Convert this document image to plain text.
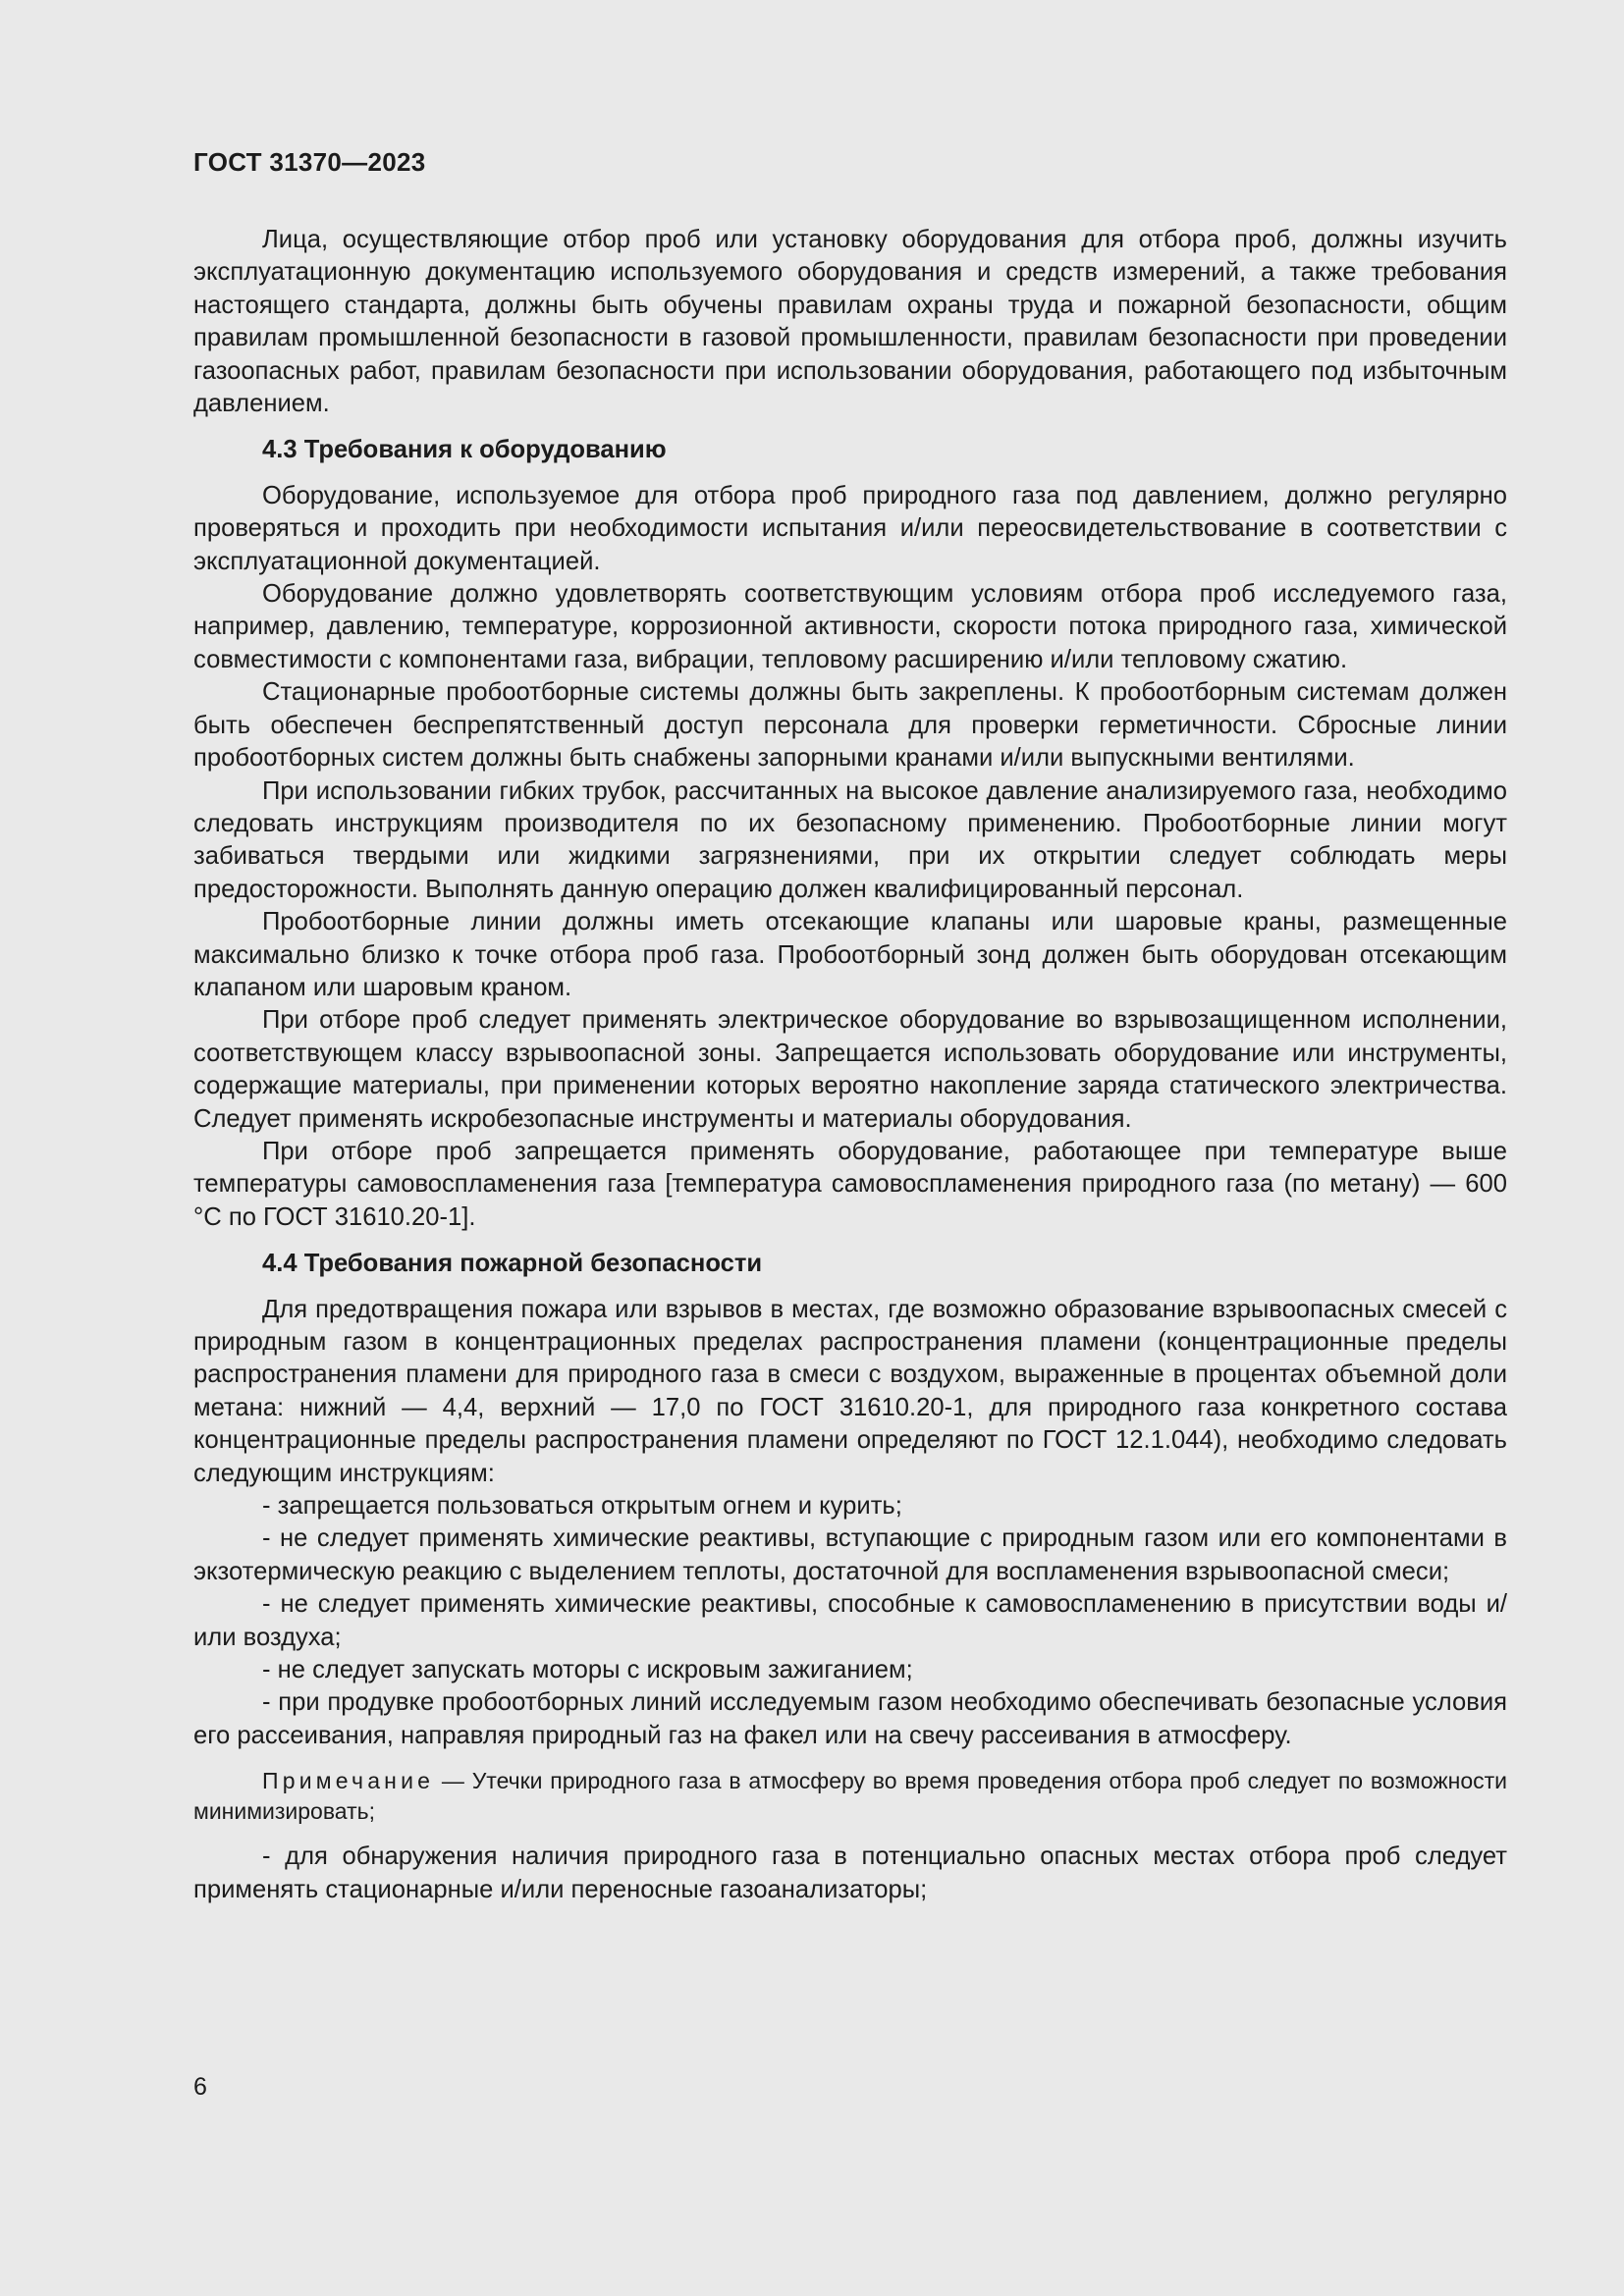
ГОСТ 31370—2023

Лица, осуществляющие отбор проб или установку оборудования для отбора проб, должны изучить эксплуатационную документацию используемого оборудования и средств измерений, а также требования настоящего стандарта, должны быть обучены правилам охраны труда и пожарной безопасности, общим правилам промышленной безопасности в газовой промышленности, правилам безопасности при проведении газоопасных работ, правилам безопасности при использовании оборудования, работающего под избыточным давлением.

4.3 Требования к оборудованию

Оборудование, используемое для отбора проб природного газа под давлением, должно регулярно проверяться и проходить при необходимости испытания и/или переосвидетельствование в соответствии с эксплуатационной документацией.

Оборудование должно удовлетворять соответствующим условиям отбора проб исследуемого газа, например, давлению, температуре, коррозионной активности, скорости потока природного газа, химической совместимости с компонентами газа, вибрации, тепловому расширению и/или тепловому сжатию.

Стационарные пробоотборные системы должны быть закреплены. К пробоотборным системам должен быть обеспечен беспрепятственный доступ персонала для проверки герметичности. Сбросные линии пробоотборных систем должны быть снабжены запорными кранами и/или выпускными вентилями.

При использовании гибких трубок, рассчитанных на высокое давление анализируемого газа, необходимо следовать инструкциям производителя по их безопасному применению. Пробоотборные линии могут забиваться твердыми или жидкими загрязнениями, при их открытии следует соблюдать меры предосторожности. Выполнять данную операцию должен квалифицированный персонал.

Пробоотборные линии должны иметь отсекающие клапаны или шаровые краны, размещенные максимально близко к точке отбора проб газа. Пробоотборный зонд должен быть оборудован отсекающим клапаном или шаровым краном.

При отборе проб следует применять электрическое оборудование во взрывозащищенном исполнении, соответствующем классу взрывоопасной зоны. Запрещается использовать оборудование или инструменты, содержащие материалы, при применении которых вероятно накопление заряда статического электричества. Следует применять искробезопасные инструменты и материалы оборудования.

При отборе проб запрещается применять оборудование, работающее при температуре выше температуры самовоспламенения газа [температура самовоспламенения природного газа (по метану) — 600 °С по ГОСТ 31610.20-1].

4.4 Требования пожарной безопасности

Для предотвращения пожара или взрывов в местах, где возможно образование взрывоопасных смесей с природным газом в концентрационных пределах распространения пламени (концентрационные пределы распространения пламени для природного газа в смеси с воздухом, выраженные в процентах объемной доли метана: нижний — 4,4, верхний — 17,0 по ГОСТ 31610.20-1, для природного газа конкретного состава концентрационные пределы распространения пламени определяют по ГОСТ 12.1.044), необходимо следовать следующим инструкциям:

- запрещается пользоваться открытым огнем и курить;

- не следует применять химические реактивы, вступающие с природным газом или его компонентами в экзотермическую реакцию с выделением теплоты, достаточной для воспламенения взрывоопасной смеси;

- не следует применять химические реактивы, способные к самовоспламенению в присутствии воды и/или воздуха;

- не следует запускать моторы с искровым зажиганием;

- при продувке пробоотборных линий исследуемым газом необходимо обеспечивать безопасные условия его рассеивания, направляя природный газ на факел или на свечу рассеивания в атмосферу.

Примечание — Утечки природного газа в атмосферу во время проведения отбора проб следует по возможности минимизировать;

- для обнаружения наличия природного газа в потенциально опасных местах отбора проб следует применять стационарные и/или переносные газоанализаторы;

6
